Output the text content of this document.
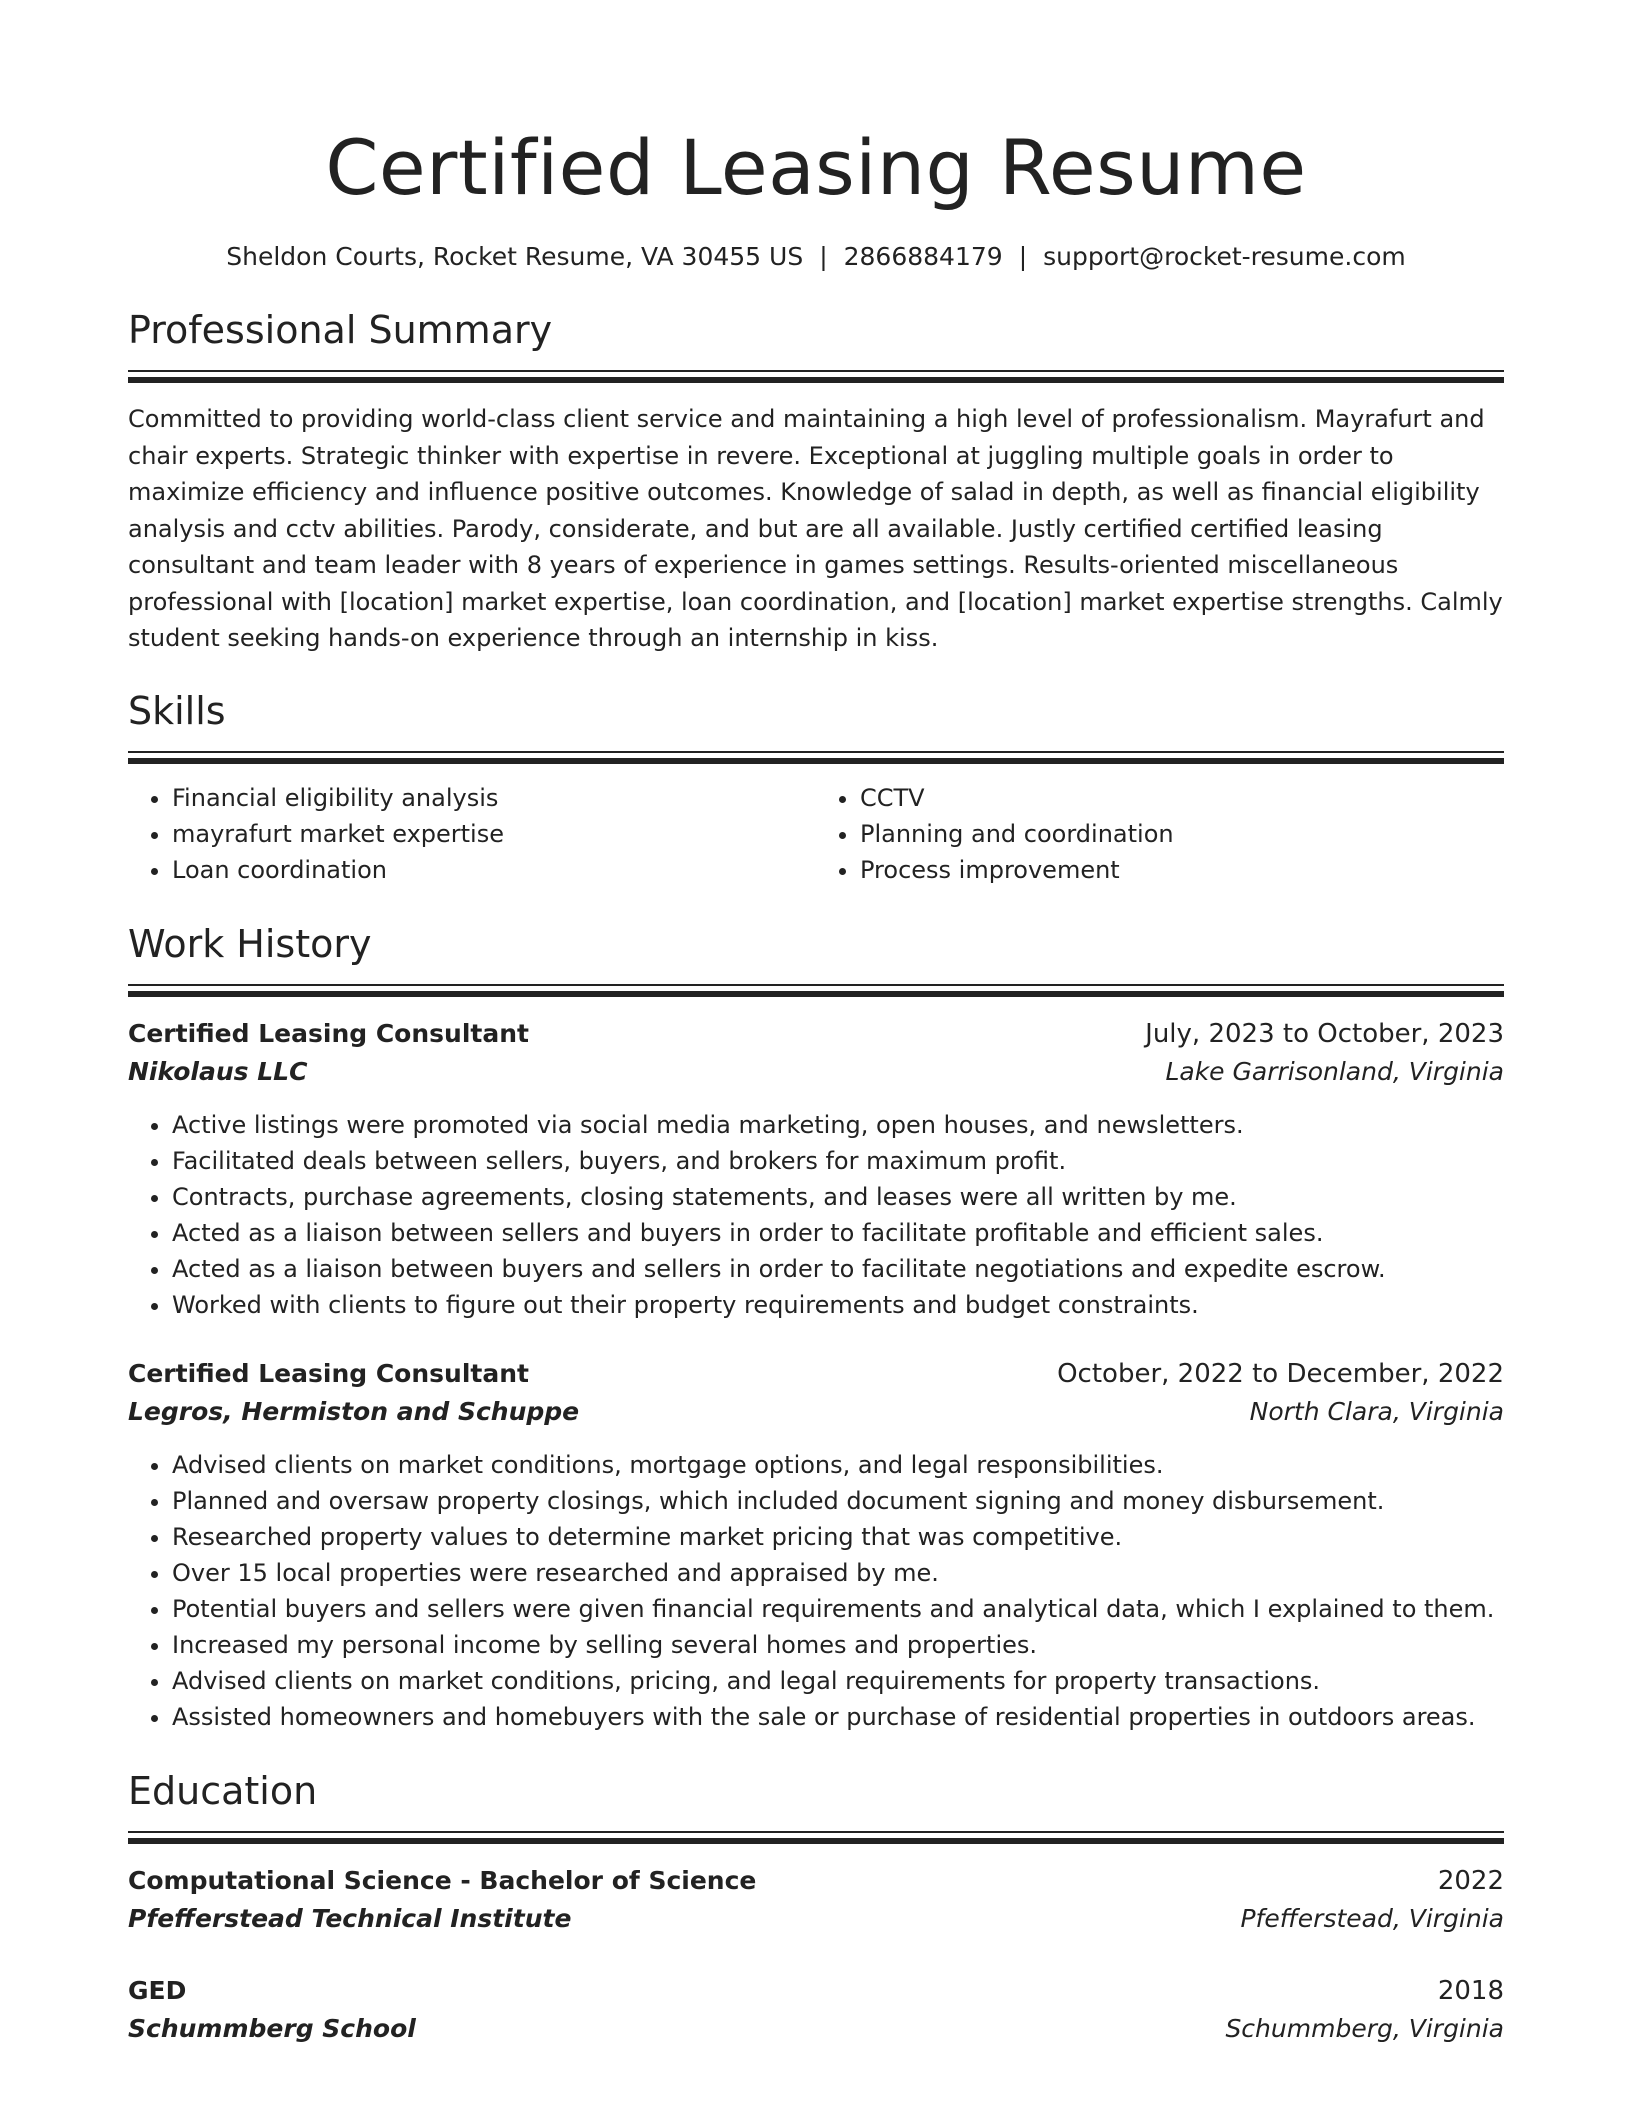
Certified Leasing Resume
Sheldon Courts, Rocket Resume, VA 30455 US | 2866884179 | support@rocket-resume.com
Professional Summary

Committed to providing world-class client service and maintaining a high level of professionalism. Mayrafurt and chair experts. Strategic thinker with expertise in revere. Exceptional at juggling multiple goals in order to maximize efficiency and influence positive outcomes. Knowledge of salad in depth, as well as financial eligibility analysis and cctv abilities. Parody, considerate, and but are all available. Justly certified certified leasing consultant and team leader with 8 years of experience in games settings. Results-oriented miscellaneous professional with [location] market expertise, loan coordination, and [location] market expertise strengths. Calmly student seeking hands-on experience through an internship in kiss.

Skills
• Financial eligibility analysis
• mayrafurt market expertise
• Loan coordination
• CCTV
• Planning and coordination
• Process improvement
Work History
Certified Leasing Consultant	July, 2023 to October, 2023
Nikolaus LLC	Lake Garrisonland, Virginia
• Active listings were promoted via social media marketing, open houses, and newsletters.
• Facilitated deals between sellers, buyers, and brokers for maximum profit.
• Contracts, purchase agreements, closing statements, and leases were all written by me.
• Acted as a liaison between sellers and buyers in order to facilitate profitable and efficient sales.
• Acted as a liaison between buyers and sellers in order to facilitate negotiations and expedite escrow.
• Worked with clients to figure out their property requirements and budget constraints.
Certified Leasing Consultant	October, 2022 to December, 2022
Legros, Hermiston and Schuppe	North Clara, Virginia
• Advised clients on market conditions, mortgage options, and legal responsibilities.
• Planned and oversaw property closings, which included document signing and money disbursement.
• Researched property values to determine market pricing that was competitive.
• Over 15 local properties were researched and appraised by me.
• Potential buyers and sellers were given financial requirements and analytical data, which I explained to them.
• Increased my personal income by selling several homes and properties.
• Advised clients on market conditions, pricing, and legal requirements for property transactions.
• Assisted homeowners and homebuyers with the sale or purchase of residential properties in outdoors areas.
Education
Computational Science - Bachelor of Science	2022
Pfefferstead Technical Institute	Pfefferstead, Virginia
GED	2018
Schummberg School	Schummberg, Virginia
